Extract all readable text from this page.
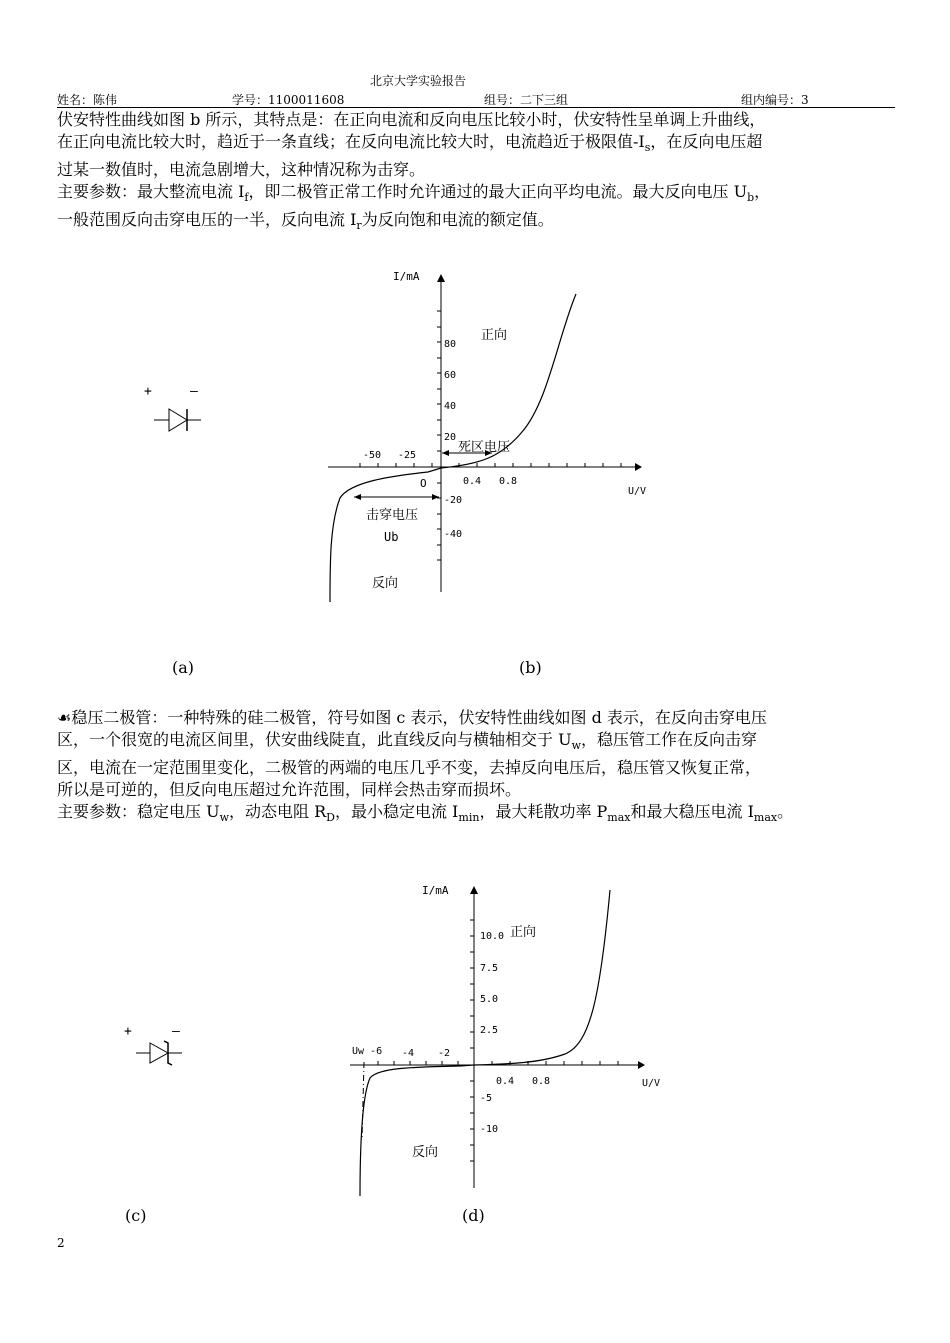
北京大学实验报告
姓名：陈伟	学号：1100011608	组号：二下三组	组内编号：3

伏安特性曲线如图 b 所示，其特点是：在正向电流和反向电压比较小时，伏安特性呈单调上升曲线，

在正向电流比较大时，趋近于一条直线；在反向电流比较大时，电流趋近于极限值$-I_s$，在反向电压超

过某一数值时，电流急剧增大，这种情况称为击穿。

主要参数：最大整流电流 $I_f$，即二极管正常工作时允许通过的最大正向平均电流。最大反向电压 $U_b$，

一般范围反向击穿电压的一半，反向电流 $I_r$为反向饱和电流的额定值。

+	–
(a)
I/mA
U/V
80
60
40
20
-20
-40
-50 -25
0.4 0.8
O
正向
死区电压
击穿电压
Ub
反向
(b)

☙稳压二极管：一种特殊的硅二极管，符号如图 c 表示，伏安特性曲线如图 d 表示，在反向击穿电压

区，一个很宽的电流区间里，伏安曲线陡直，此直线反向与横轴相交于 $U_w$，稳压管工作在反向击穿

区，电流在一定范围里变化，二极管的两端的电压几乎不变，去掉反向电压后，稳压管又恢复正常，

所以是可逆的，但反向电压超过允许范围，同样会热击穿而损坏。

主要参数：稳定电压 $U_w$，动态电阻 $R_D$，最小稳定电流 $I_{min}$，最大耗散功率 $P_{max}$和最大稳压电流 $I_{max}$。

+	–
(c)
I/mA
U/V
10.0
7.5
5.0
2.5
-5
-10
Uw -6 -4 -2
0.4 0.8
正向
反向
(d)
2
